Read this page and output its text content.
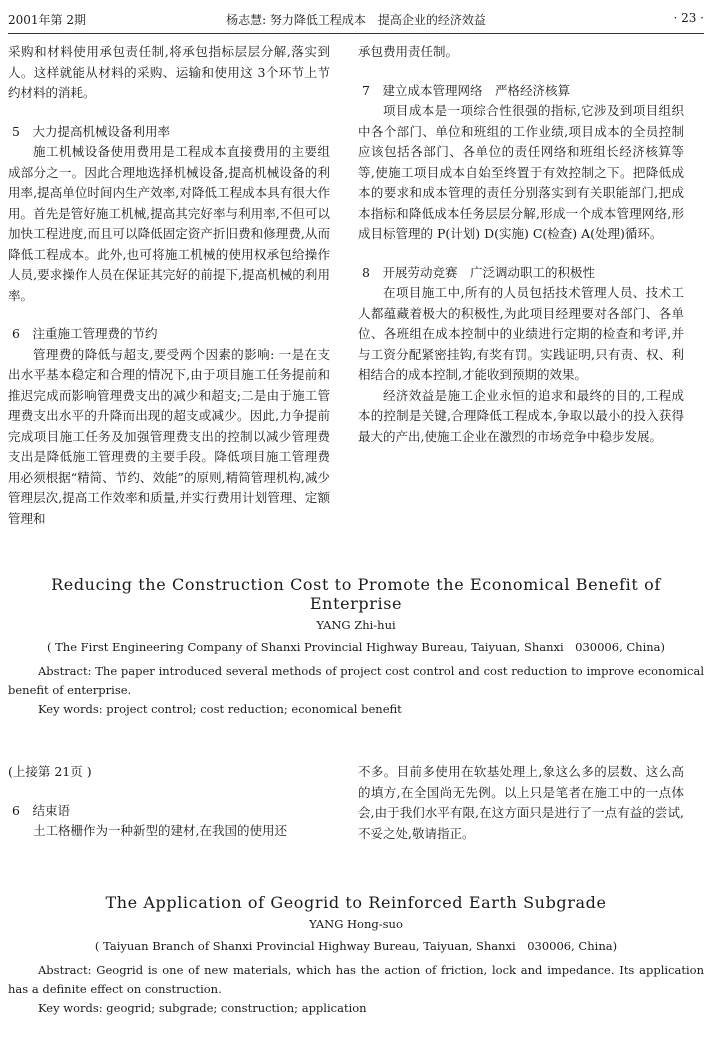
2001年第 2期	杨志慧: 努力降低工程成本　提高企业的经济效益	· 23 ·

采购和材料使用承包责任制,将承包指标层层分解,落实到人。这样就能从材料的采购、运输和使用这 3个环节上节约材料的消耗。

5　大力提高机械设备利用率

施工机械设备使用费用是工程成本直接费用的主要组成部分之一。因此合理地选择机械设备,提高机械设备的利用率,提高单位时间内生产效率,对降低工程成本具有很大作用。首先是管好施工机械,提高其完好率与利用率,不但可以加快工程进度,而且可以降低固定资产折旧费和修理费,从而降低工程成本。此外,也可将施工机械的使用权承包给操作人员,要求操作人员在保证其完好的前提下,提高机械的利用率。

6　注重施工管理费的节约

管理费的降低与超支,要受两个因素的影响: 一是在支出水平基本稳定和合理的情况下,由于项目施工任务提前和推迟完成而影响管理费支出的减少和超支;二是由于施工管理费支出水平的升降而出现的超支或减少。因此,力争提前完成项目施工任务及加强管理费支出的控制以减少管理费支出是降低施工管理费的主要手段。降低项目施工管理费用必须根据“精简、节约、效能”的原则,精简管理机构,减少管理层次,提高工作效率和质量,并实行费用计划管理、定额管理和

承包费用责任制。

7　建立成本管理网络　严格经济核算

项目成本是一项综合性很强的指标,它涉及到项目组织中各个部门、单位和班组的工作业绩,项目成本的全员控制应该包括各部门、各单位的责任网络和班组长经济核算等等,使施工项目成本自始至终置于有效控制之下。把降低成本的要求和成本管理的责任分别落实到有关职能部门,把成本指标和降低成本任务层层分解,形成一个成本管理网络,形成目标管理的 P(计划) D(实施) C(检查) A(处理)循环。

8　开展劳动竞赛　广泛调动职工的积极性

在项目施工中,所有的人员包括技术管理人员、技术工人都蕴藏着极大的积极性,为此项目经理要对各部门、各单位、各班组在成本控制中的业绩进行定期的检查和考评,并与工资分配紧密挂钩,有奖有罚。实践证明,只有责、权、利相结合的成本控制,才能收到预期的效果。

经济效益是施工企业永恒的追求和最终的目的,工程成本的控制是关键,合理降低工程成本,争取以最小的投入获得最大的产出,使施工企业在激烈的市场竞争中稳步发展。

Reducing the Construction Cost to Promote the Economical Benefit of Enterprise

YANG Zhi-hui

( The First Engineering Company of Shanxi Provincial Highway Bureau, Taiyuan, Shanxi　030006, China)

Abstract: The paper introduced several methods of project cost control and cost reduction to improve economical benefit of enterprise.

Key words: project control; cost reduction; economical benefit

(上接第 21页 )

6　结束语

土工格栅作为一种新型的建材,在我国的使用还

不多。目前多使用在软基处理上,象这么多的层数、这么高的填方,在全国尚无先例。以上只是笔者在施工中的一点体会,由于我们水平有限,在这方面只是进行了一点有益的尝试,不妥之处,敬请指正。

The Application of Geogrid to Reinforced Earth Subgrade

YANG Hong-suo

( Taiyuan Branch of Shanxi Provincial Highway Bureau, Taiyuan, Shanxi　030006, China)

Abstract: Geogrid is one of new materials, which has the action of friction, lock and impedance. Its application has a definite effect on construction.

Key words: geogrid; subgrade; construction; application
